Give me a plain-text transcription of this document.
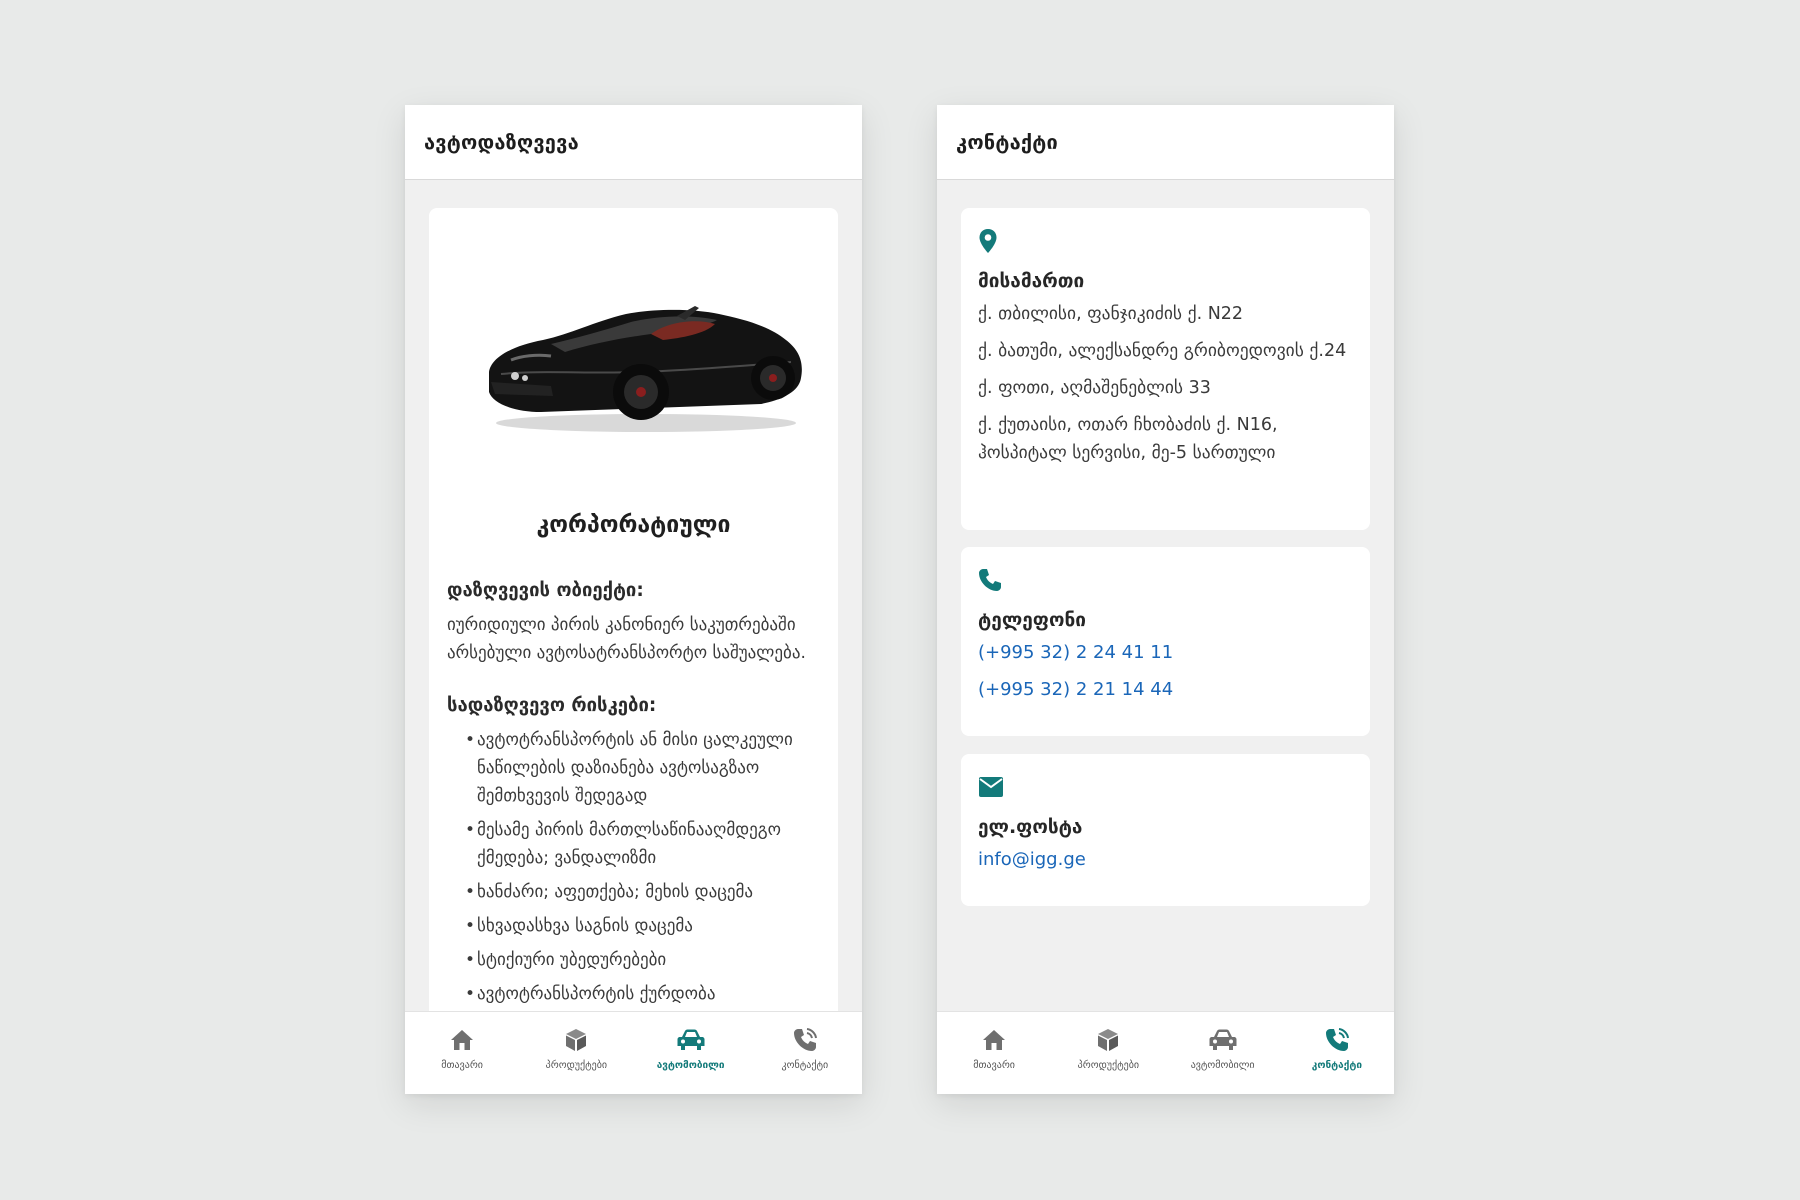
ავტოდაზღვევა
კორპორატიული
დაზღვევის ობიექტი:
იურიდიული პირის კანონიერ საკუთრებაში არსებული ავტოსატრანსპორტო საშუალება.
სადაზღვევო რისკები:
• ავტოტრანსპორტის ან მისი ცალკეული ნაწილების დაზიანება ავტოსაგზაო შემთხვევის შედეგად
• მესამე პირის მართლსაწინააღმდეგო ქმედება; ვანდალიზმი
• ხანძარი; აფეთქება; მეხის დაცემა
• სხვადასხვა საგნის დაცემა
• სტიქიური უბედურებები
• ავტოტრანსპორტის ქურდობა
მთავარი	პროდუქტები	ავტომობილი	კონტაქტი
კონტაქტი
მისამართი
ქ. თბილისი, ფანჯიკიძის ქ. N22
ქ. ბათუმი, ალექსანდრე გრიბოედოვის ქ.24
ქ. ფოთი, აღმაშენებლის 33
ქ. ქუთაისი, ოთარ ჩხობაძის ქ. N16, ჰოსპიტალ სერვისი, მე-5 სართული
ტელეფონი
(+995 32) 2 24 41 11
(+995 32) 2 21 14 44
ელ.ფოსტა
info@igg.ge
მთავარი	პროდუქტები	ავტომობილი	კონტაქტი
